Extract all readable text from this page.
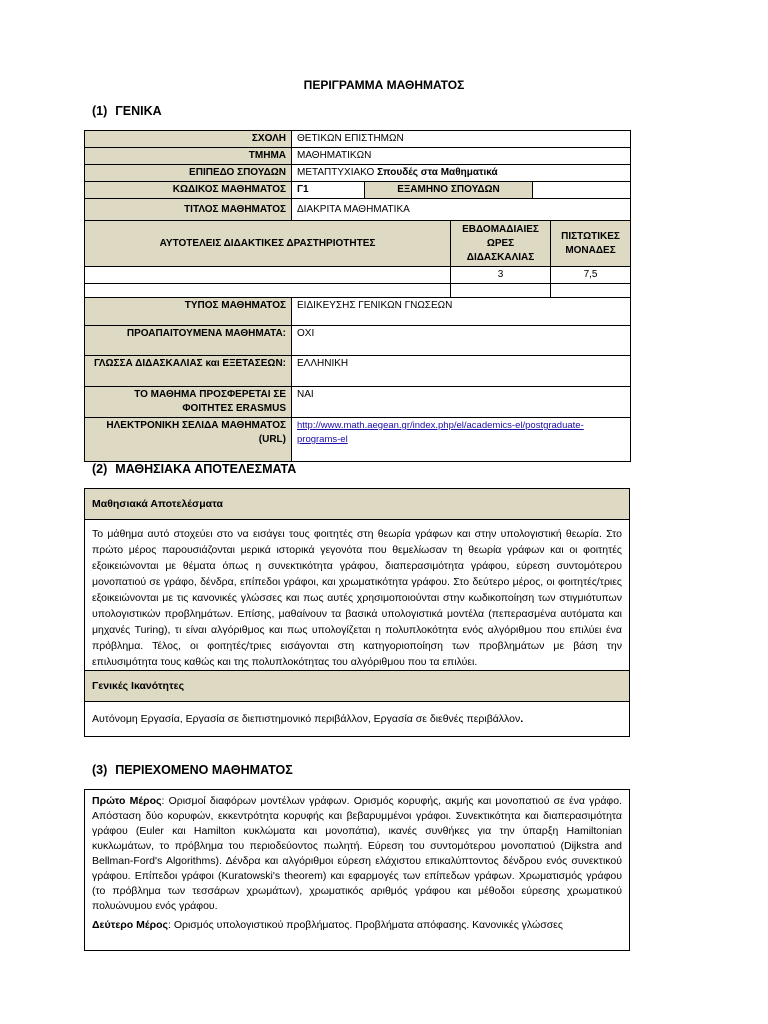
ΠΕΡΙΓΡΑΜΜΑ ΜΑΘΗΜΑΤΟΣ
(1) ΓΕΝΙΚΑ
ΣΧΟΛΗ	ΘΕΤΙΚΩΝ ΕΠΙΣΤΗΜΩΝ				
ΤΜΗΜΑ	ΜΑΘΗΜΑΤΙΚΩΝ				
ΕΠΙΠΕΔΟ ΣΠΟΥΔΩΝ	ΜΕΤΑΠΤΥΧΙΑΚΟ Σπουδές στα Μαθηματικά				
ΚΩΔΙΚΟΣ ΜΑΘΗΜΑΤΟΣ	Γ1	ΕΞΑΜΗΝΟ ΣΠΟΥΔΩΝ			
ΤΙΤΛΟΣ ΜΑΘΗΜΑΤΟΣ	ΔΙΑΚΡΙΤΑ ΜΑΘΗΜΑΤΙΚΑ				
ΑΥΤΟΤΕΛΕΙΣ ΔΙΔΑΚΤΙΚΕΣ ΔΡΑΣΤΗΡΙΟΤΗΤΕΣ			ΕΒΔΟΜΑΔΙΑΙΕΣ ΩΡΕΣ ΔΙΔΑΣΚΑΛΙΑΣ		ΠΙΣΤΩΤΙΚΕΣ ΜΟΝΑΔΕΣ
			3		7,5

ΤΥΠΟΣ ΜΑΘΗΜΑΤΟΣ	ΕΙΔΙΚΕΥΣΗΣ ΓΕΝΙΚΩΝ ΓΝΩΣΕΩΝ				
ΠΡΟΑΠΑΙΤΟΥΜΕΝΑ ΜΑΘΗΜΑΤΑ:	ΟΧΙ				
ΓΛΩΣΣΑ ΔΙΔΑΣΚΑΛΙΑΣ και ΕΞΕΤΑΣΕΩΝ:	ΕΛΛΗΝΙΚΗ				
ΤΟ ΜΑΘΗΜΑ ΠΡΟΣΦΕΡΕΤΑΙ ΣΕ ΦΟΙΤΗΤΕΣ ERASMUS	ΝΑΙ				
ΗΛΕΚΤΡΟΝΙΚΗ ΣΕΛΙΔΑ ΜΑΘΗΜΑΤΟΣ (URL)	http://www.math.aegean.gr/index.php/el/academics-el/postgraduate-programs-el				
(2) ΜΑΘΗΣΙΑΚΑ ΑΠΟΤΕΛΕΣΜΑΤΑ
Μαθησιακά Αποτελέσματα
Το μάθημα αυτό στοχεύει στο να εισάγει τους φοιτητές στη θεωρία γράφων και στην υπολογιστική θεωρία. Στο πρώτο μέρος παρουσιάζονται μερικά ιστορικά γεγονότα που θεμελίωσαν τη θεωρία γράφων και οι φοιτητές εξοικειώνονται με θέματα όπως η συνεκτικότητα γράφου, διαπερασιμότητα γράφου, εύρεση συντομότερου μονοπατιού σε γράφο, δένδρα, επίπεδοι γράφοι, και χρωματικότητα γράφου. Στο δεύτερο μέρος, οι φοιτητές/τριες εξοικειώνονται με τις κανονικές γλώσσες και πως αυτές χρησιμοποιούνται στην κωδικοποίηση των στιγμιότυπων υπολογιστικών προβλημάτων. Επίσης, μαθαίνουν τα βασικά υπολογιστικά μοντέλα (πεπερασμένα αυτόματα και μηχανές Turing), τι είναι αλγόριθμος και πως υπολογίζεται η πολυπλοκότητα ενός αλγόριθμου που επιλύει ένα πρόβλημα. Τέλος, οι φοιτητές/τριες εισάγονται στη κατηγοριοποίηση των προβλημάτων με βάση την επιλυσιμότητα τους καθώς και της πολυπλοκότητας του αλγόριθμου που τα επιλύει.
Γενικές Ικανότητες
Αυτόνομη Εργασία, Εργασία σε διεπιστημονικό περιβάλλον, Εργασία σε διεθνές περιβάλλον.
(3) ΠΕΡΙΕΧΟΜΕΝΟ ΜΑΘΗΜΑΤΟΣ

Πρώτο Μέρος: Ορισμοί διαφόρων μοντέλων γράφων. Ορισμός κορυφής, ακμής και μονοπατιού σε ένα γράφο. Απόσταση δύο κορυφών, εκκεντρότητα κορυφής και βεβαρυμμένοι γράφοι. Συνεκτικότητα και διαπερασιμότητα γράφου (Euler και Hamilton κυκλώματα και μονοπάτια), ικανές συνθήκες για την ύπαρξη Hamiltonian κυκλωμάτων, το πρόβλημα του περιοδεύοντος πωλητή. Εύρεση του συντομότερου μονοπατιού (Dijkstra and Bellman-Ford's Algorithms). Δένδρα και αλγόριθμοι εύρεση ελάχιστου επικαλύπτοντος δένδρου ενός συνεκτικού γράφου. Επίπεδοι γράφοι (Kuratowski's theorem) και εφαρμογές των επίπεδων γράφων. Χρωματισμός γράφου (το πρόβλημα των τεσσάρων χρωμάτων), χρωματικός αριθμός γράφου και μέθοδοι εύρεσης χρωματικού πολυώνυμου ενός γράφου.

Δεύτερο Μέρος: Ορισμός υπολογιστικού προβλήματος. Προβλήματα απόφασης. Κανονικές γλώσσες
